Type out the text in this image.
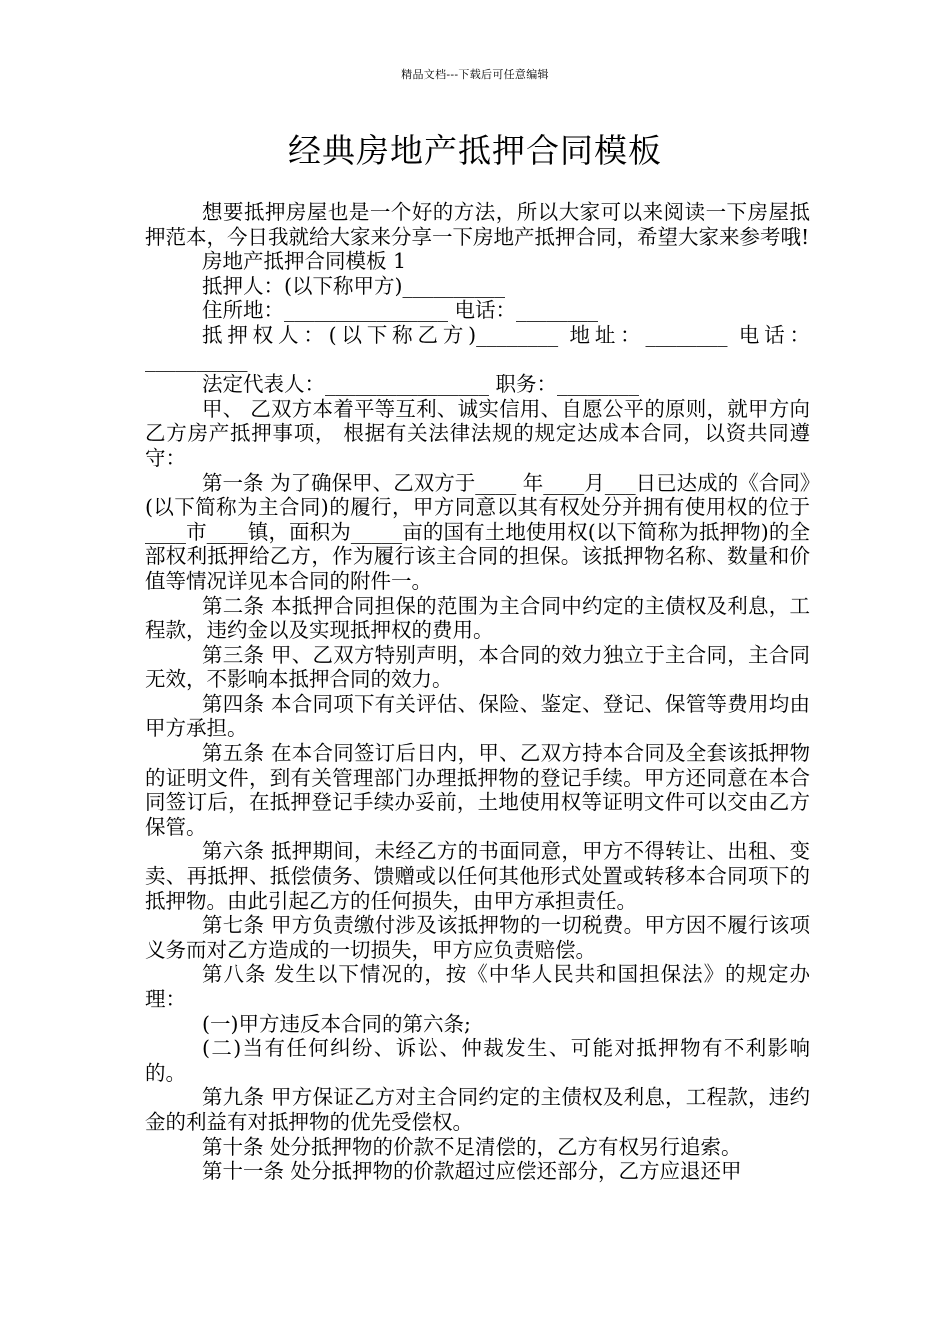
精品文档---下载后可任意编辑
经典房地产抵押合同模板

想要抵押房屋也是一个好的方法，所以大家可以来阅读一下房屋抵押范本，今日我就给大家来分享一下房地产抵押合同，希望大家来参考哦!

房地产抵押合同模板 1

抵押人：(以下称甲方)__________

住所地：________________ 电话：________

抵押权人：(以下称乙方)________ 地址：________ 电话：__________

法定代表人：________________ 职务：________

甲、 乙双方本着平等互利、诚实信用、自愿公平的原则，就甲方向乙方房产抵押事项， 根据有关法律法规的规定达成本合同，以资共同遵守：

第一条 为了确保甲、乙双方于____ 年____月___日已达成的《合同》(以下简称为主合同)的履行，甲方同意以其有权处分并拥有使用权的位于____市____镇，面积为_____亩的国有土地使用权(以下简称为抵押物)的全部权利抵押给乙方，作为履行该主合同的担保。该抵押物名称、数量和价值等情况详见本合同的附件一。

第二条 本抵押合同担保的范围为主合同中约定的主债权及利息，工程款，违约金以及实现抵押权的费用。

第三条 甲、乙双方特别声明，本合同的效力独立于主合同，主合同无效，不影响本抵押合同的效力。

第四条 本合同项下有关评估、保险、鉴定、登记、保管等费用均由甲方承担。

第五条 在本合同签订后日内，甲、乙双方持本合同及全套该抵押物的证明文件，到有关管理部门办理抵押物的登记手续。甲方还同意在本合同签订后，在抵押登记手续办妥前，土地使用权等证明文件可以交由乙方保管。

第六条 抵押期间，未经乙方的书面同意，甲方不得转让、出租、变卖、再抵押、抵偿债务、馈赠或以任何其他形式处置或转移本合同项下的抵押物。由此引起乙方的任何损失，由甲方承担责任。

第七条 甲方负责缴付涉及该抵押物的一切税费。甲方因不履行该项义务而对乙方造成的一切损失，甲方应负责赔偿。

第八条 发生以下情况的，按《中华人民共和国担保法》的规定办理：

(一)甲方违反本合同的第六条;

(二)当有任何纠纷、诉讼、仲裁发生、可能对抵押物有不利影响的。

第九条 甲方保证乙方对主合同约定的主债权及利息，工程款，违约金的利益有对抵押物的优先受偿权。

第十条 处分抵押物的价款不足清偿的，乙方有权另行追索。

第十一条 处分抵押物的价款超过应偿还部分，乙方应退还甲
